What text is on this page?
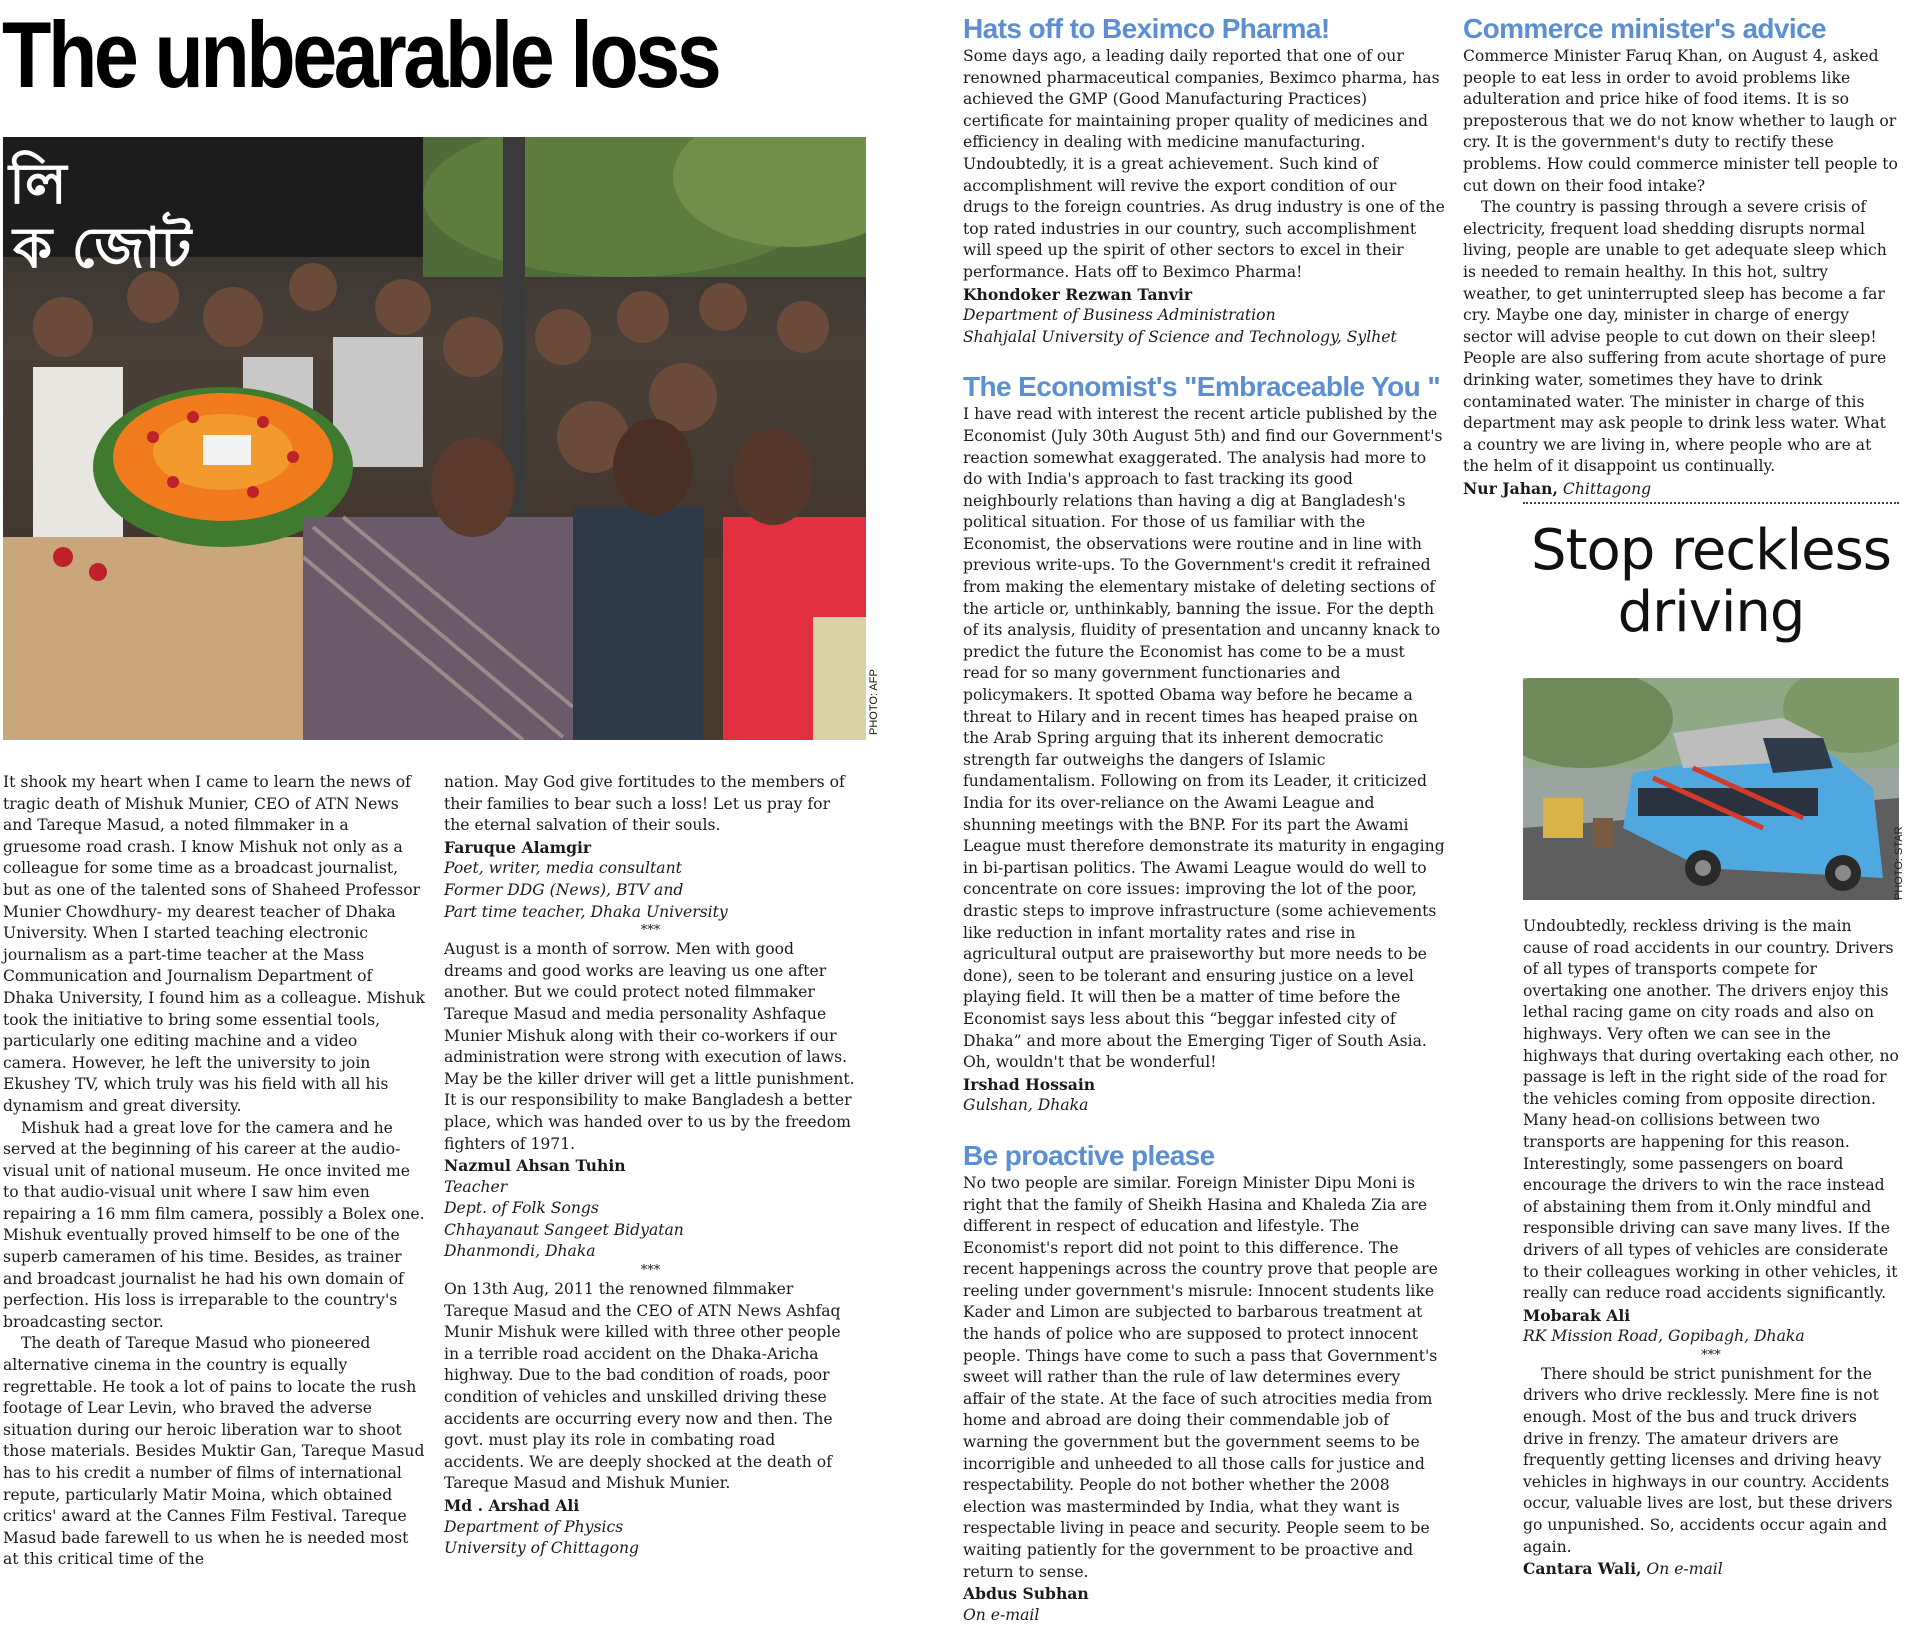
The unbearable loss
লি
ক জোট
PHOTO: AFP

It shook my heart when I came to learn the news of tragic death of Mishuk Munier, CEO of ATN News and Tareque Masud, a noted filmmaker in a gruesome road crash. I know Mishuk not only as a colleague for some time as a broadcast journalist, but as one of the talented sons of Shaheed Professor Munier Chowdhury- my dearest teacher of Dhaka University. When I started teaching electronic journalism as a part-time teacher at the Mass Communication and Journalism Department of Dhaka University, I found him as a colleague. Mishuk took the initiative to bring some essential tools, particularly one editing machine and a video camera. However, he left the university to join Ekushey TV, which truly was his field with all his dynamism and great diversity.

Mishuk had a great love for the camera and he served at the beginning of his career at the audio-visual unit of national museum. He once invited me to that audio-visual unit where I saw him even repairing a 16 mm film camera, possibly a Bolex one. Mishuk eventually proved himself to be one of the superb cameramen of his time. Besides, as trainer and broadcast journalist he had his own domain of perfection. His loss is irreparable to the country's broadcasting sector.

The death of Tareque Masud who pioneered alternative cinema in the country is equally regrettable. He took a lot of pains to locate the rush footage of Lear Levin, who braved the adverse situation during our heroic liberation war to shoot those materials. Besides Muktir Gan, Tareque Masud has to his credit a number of films of international repute, particularly Matir Moina, which obtained critics' award at the Cannes Film Festival. Tareque Masud bade farewell to us when he is needed most at this critical time of the

nation. May God give fortitudes to the members of their families to bear such a loss! Let us pray for the eternal salvation of their souls.

Faruque Alamgir

Poet, writer, media consultant

Former DDG (News), BTV and

Part time teacher, Dhaka University

***

August is a month of sorrow. Men with good dreams and good works are leaving us one after another. But we could protect noted filmmaker Tareque Masud and media personality Ashfaque Munier Mishuk along with their co-workers if our administration were strong with execution of laws. May be the killer driver will get a little punishment. It is our responsibility to make Bangladesh a better place, which was handed over to us by the freedom fighters of 1971.

Nazmul Ahsan Tuhin

Teacher

Dept. of Folk Songs

Chhayanaut Sangeet Bidyatan

Dhanmondi, Dhaka

***

On 13th Aug, 2011 the renowned filmmaker Tareque Masud and the CEO of ATN News Ashfaq Munir Mishuk were killed with three other people in a terrible road accident on the Dhaka-Aricha highway. Due to the bad condition of roads, poor condition of vehicles and unskilled driving these accidents are occurring every now and then. The govt. must play its role in combating road accidents. We are deeply shocked at the death of Tareque Masud and Mishuk Munier.

Md . Arshad Ali

Department of Physics

University of Chittagong

Hats off to Beximco Pharma!

Some days ago, a leading daily reported that one of our renowned pharmaceutical companies, Beximco pharma, has achieved the GMP (Good Manufacturing Practices) certificate for maintaining proper quality of medicines and efficiency in dealing with medicine manufacturing. Undoubtedly, it is a great achievement. Such kind of accomplishment will revive the export condition of our drugs to the foreign countries. As drug industry is one of the top rated industries in our country, such accomplishment will speed up the spirit of other sectors to excel in their performance. Hats off to Beximco Pharma!

Khondoker Rezwan Tanvir

Department of Business Administration

Shahjalal University of Science and Technology, Sylhet

The Economist's "Embraceable You "

I have read with interest the recent article published by the Economist (July 30th August 5th) and find our Government's reaction somewhat exaggerated. The analysis had more to do with India's approach to fast tracking its good neighbourly relations than having a dig at Bangladesh's political situation. For those of us familiar with the Economist, the observations were routine and in line with previous write-ups. To the Government's credit it refrained from making the elementary mistake of deleting sections of the article or, unthinkably, banning the issue. For the depth of its analysis, fluidity of presentation and uncanny knack to predict the future the Economist has come to be a must read for so many government functionaries and policymakers. It spotted Obama way before he became a threat to Hilary and in recent times has heaped praise on the Arab Spring arguing that its inherent democratic strength far outweighs the dangers of Islamic fundamentalism. Following on from its Leader, it criticized India for its over-reliance on the Awami League and shunning meetings with the BNP. For its part the Awami League must therefore demonstrate its maturity in engaging in bi-partisan politics. The Awami League would do well to concentrate on core issues: improving the lot of the poor, drastic steps to improve infrastructure (some achievements like reduction in infant mortality rates and rise in agricultural output are praiseworthy but more needs to be done), seen to be tolerant and ensuring justice on a level playing field. It will then be a matter of time before the Economist says less about this “beggar infested city of Dhaka” and more about the Emerging Tiger of South Asia. Oh, wouldn't that be wonderful!

Irshad Hossain

Gulshan, Dhaka

Be proactive please

No two people are similar. Foreign Minister Dipu Moni is right that the family of Sheikh Hasina and Khaleda Zia are different in respect of education and lifestyle. The Economist's report did not point to this difference. The recent happenings across the country prove that people are reeling under government's misrule: Innocent students like Kader and Limon are subjected to barbarous treatment at the hands of police who are supposed to protect innocent people. Things have come to such a pass that Government's sweet will rather than the rule of law determines every affair of the state. At the face of such atrocities media from home and abroad are doing their commendable job of warning the government but the government seems to be incorrigible and unheeded to all those calls for justice and respectability. People do not bother whether the 2008 election was masterminded by India, what they want is respectable living in peace and security. People seem to be waiting patiently for the government to be proactive and return to sense.

Abdus Subhan

On e-mail

Commerce minister's advice

Commerce Minister Faruq Khan, on August 4, asked people to eat less in order to avoid problems like adulteration and price hike of food items. It is so preposterous that we do not know whether to laugh or cry. It is the government's duty to rectify these problems. How could commerce minister tell people to cut down on their food intake?

The country is passing through a severe crisis of electricity, frequent load shedding disrupts normal living, people are unable to get adequate sleep which is needed to remain healthy. In this hot, sultry weather, to get uninterrupted sleep has become a far cry. Maybe one day, minister in charge of energy sector will advise people to cut down on their sleep! People are also suffering from acute shortage of pure drinking water, sometimes they have to drink contaminated water. The minister in charge of this department may ask people to drink less water. What a country we are living in, where people who are at the helm of it disappoint us continually.

Nur Jahan, Chittagong

Stop reckless
driving
PHOTO: STAR

Undoubtedly, reckless driving is the main cause of road accidents in our country. Drivers of all types of transports compete for overtaking one another. The drivers enjoy this lethal racing game on city roads and also on highways. Very often we can see in the highways that during overtaking each other, no passage is left in the right side of the road for the vehicles coming from opposite direction. Many head-on collisions between two transports are happening for this reason. Interestingly, some passengers on board encourage the drivers to win the race instead of abstaining them from it.Only mindful and responsible driving can save many lives. If the drivers of all types of vehicles are considerate to their colleagues working in other vehicles, it really can reduce road accidents significantly.

Mobarak Ali

RK Mission Road, Gopibagh, Dhaka

***

There should be strict punishment for the drivers who drive recklessly. Mere fine is not enough. Most of the bus and truck drivers drive in frenzy. The amateur drivers are frequently getting licenses and driving heavy vehicles in highways in our country. Accidents occur, valuable lives are lost, but these drivers go unpunished. So, accidents occur again and again.

Cantara Wali, On e-mail
